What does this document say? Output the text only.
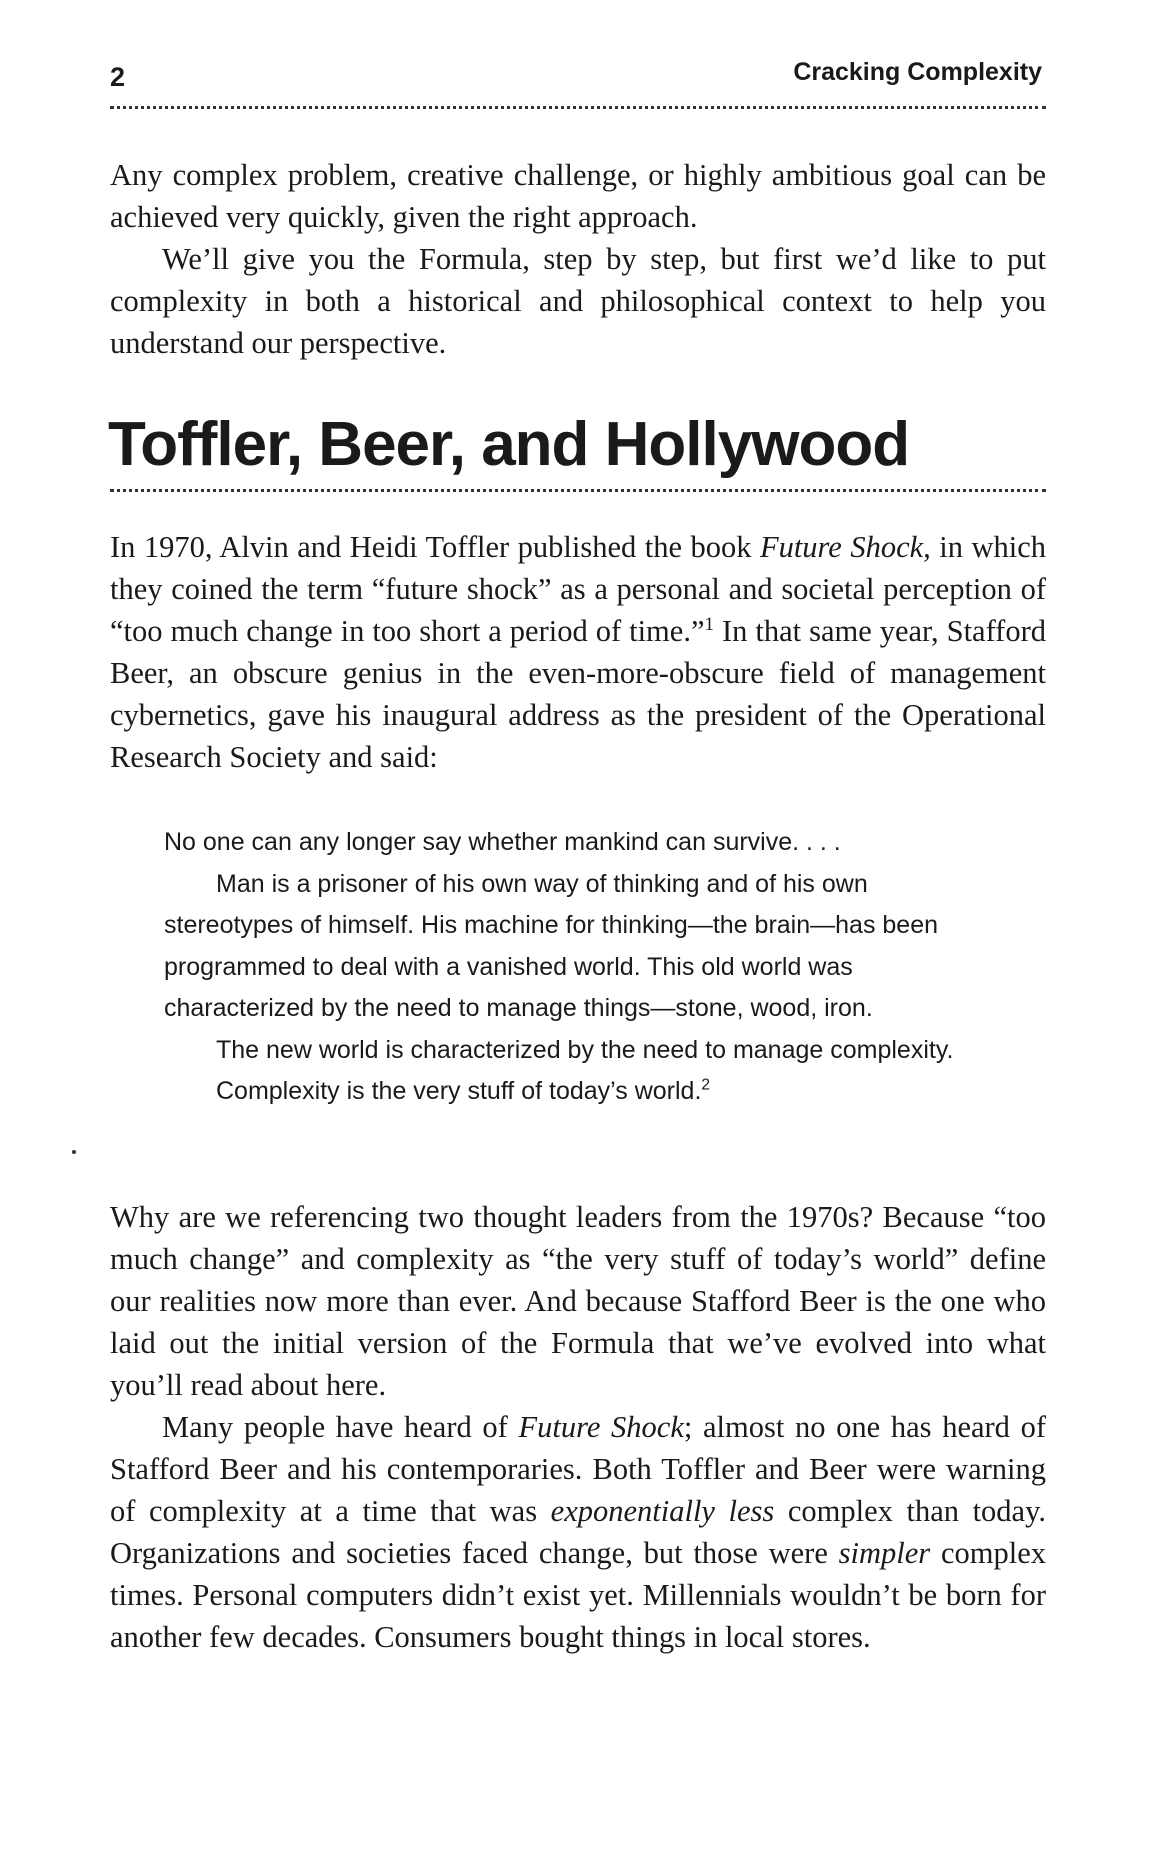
2	Cracking Complexity

Any complex problem, creative challenge, or highly ambitious goal can be achieved very quickly, given the right approach.

We’ll give you the Formula, step by step, but first we’d like to put complexity in both a historical and philosophical context to help you understand our perspective.

Toffler, Beer, and Hollywood

In 1970, Alvin and Heidi Toffler published the book Future Shock, in which they coined the term “future shock” as a personal and societal perception of “too much change in too short a period of time.”$^1$ In that same year, Stafford Beer, an obscure genius in the even-more-obscure field of management cybernetics, gave his inaugural address as the president of the Operational Research Society and said:

No one can any longer say whether mankind can survive. . . .

Man is a prisoner of his own way of thinking and of his own stereotypes of himself. His machine for thinking—the brain—has been programmed to deal with a vanished world. This old world was characterized by the need to manage things—stone, wood, iron.

The new world is characterized by the need to manage complexity.

Complexity is the very stuff of today’s world.$^2$

Why are we referencing two thought leaders from the 1970s? Because “too much change” and complexity as “the very stuff of today’s world” define our realities now more than ever. And because Stafford Beer is the one who laid out the initial version of the Formula that we’ve evolved into what you’ll read about here.

Many people have heard of Future Shock; almost no one has heard of Stafford Beer and his contemporaries. Both Toffler and Beer were warning of complexity at a time that was exponentially less complex than today. Organizations and societies faced change, but those were simpler complex times. Personal computers didn’t exist yet. Millennials wouldn’t be born for another few decades. Consumers bought things in local stores.
